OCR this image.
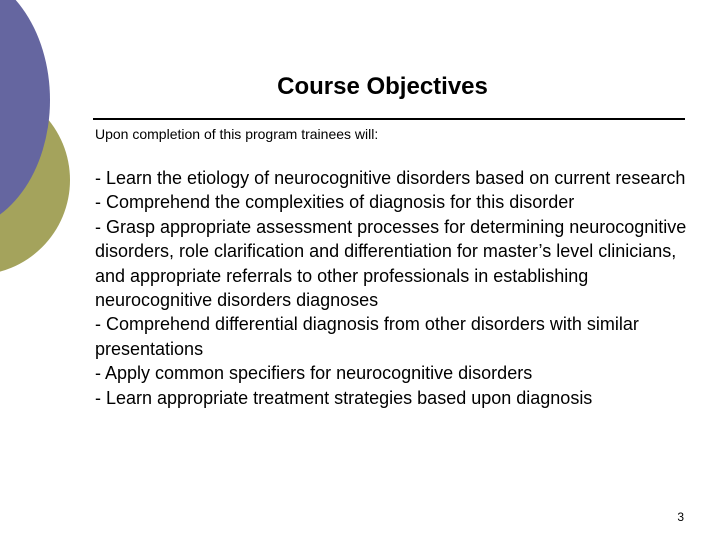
Course Objectives
Upon completion of this program trainees will:
- Learn the etiology of neurocognitive disorders based on current research
- Comprehend the complexities of diagnosis for this disorder
- Grasp appropriate assessment processes for determining neurocognitive disorders, role clarification and differentiation for master’s level clinicians, and appropriate referrals to other professionals in establishing neurocognitive disorders diagnoses
- Comprehend differential diagnosis from other disorders with similar presentations
- Apply common specifiers for neurocognitive disorders
- Learn appropriate treatment strategies based upon diagnosis
3
